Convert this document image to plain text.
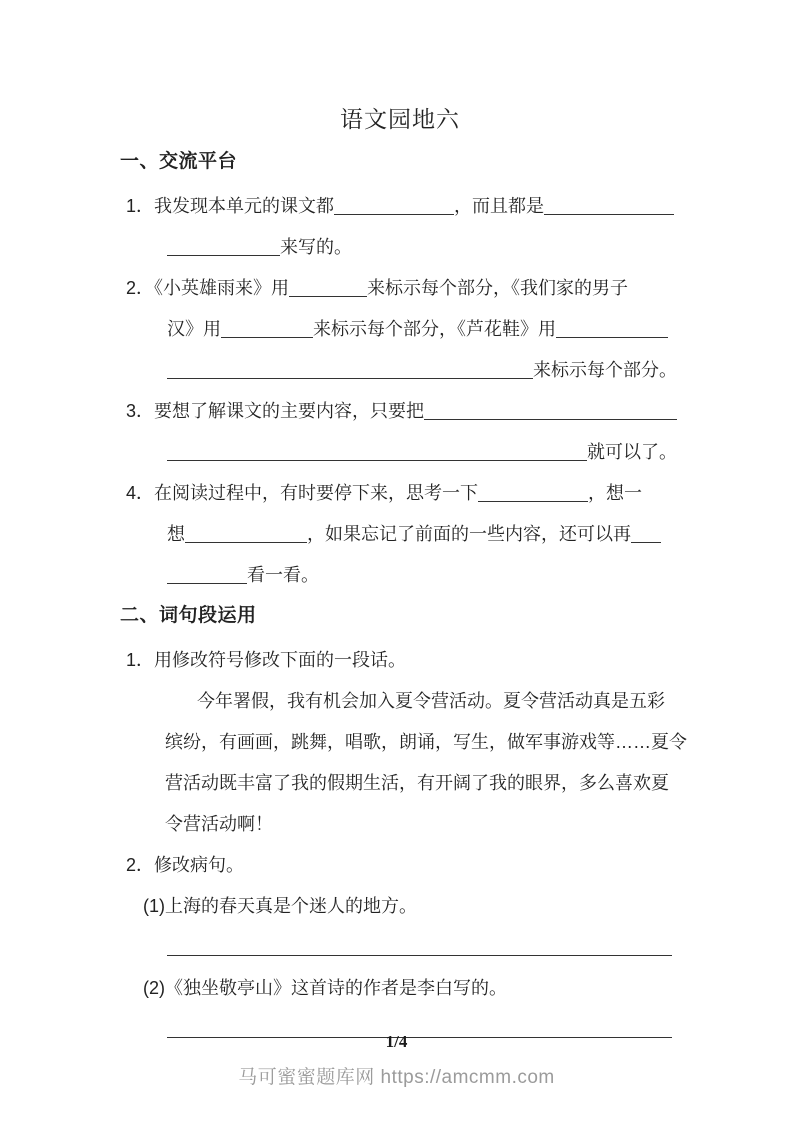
语文园地六
一、交流平台
1．我发现本单元的课文都	，而且都是
来写的。
2．《小英雄雨来》用	来标示每个部分，《我们家的男子
汉》用	来标示每个部分，《芦花鞋》用
来标示每个部分。
3．要想了解课文的主要内容，只要把
就可以了。
4．在阅读过程中，有时要停下来，思考一下	，想一
想	，如果忘记了前面的一些内容，还可以再
看一看。
二、词句段运用
1．用修改符号修改下面的一段话。
今年署假，我有机会加入夏令营活动。夏令营活动真是五彩
缤纷，有画画，跳舞，唱歌，朗诵，写生，做军事游戏等……夏令
营活动既丰富了我的假期生活，有开阔了我的眼界，多么喜欢夏
令营活动啊！
2．修改病句。
(1)上海的春天真是个迷人的地方。
(2)《独坐敬亭山》这首诗的作者是李白写的。
1/4
马可蜜蜜题库网 https://amcmm.com
